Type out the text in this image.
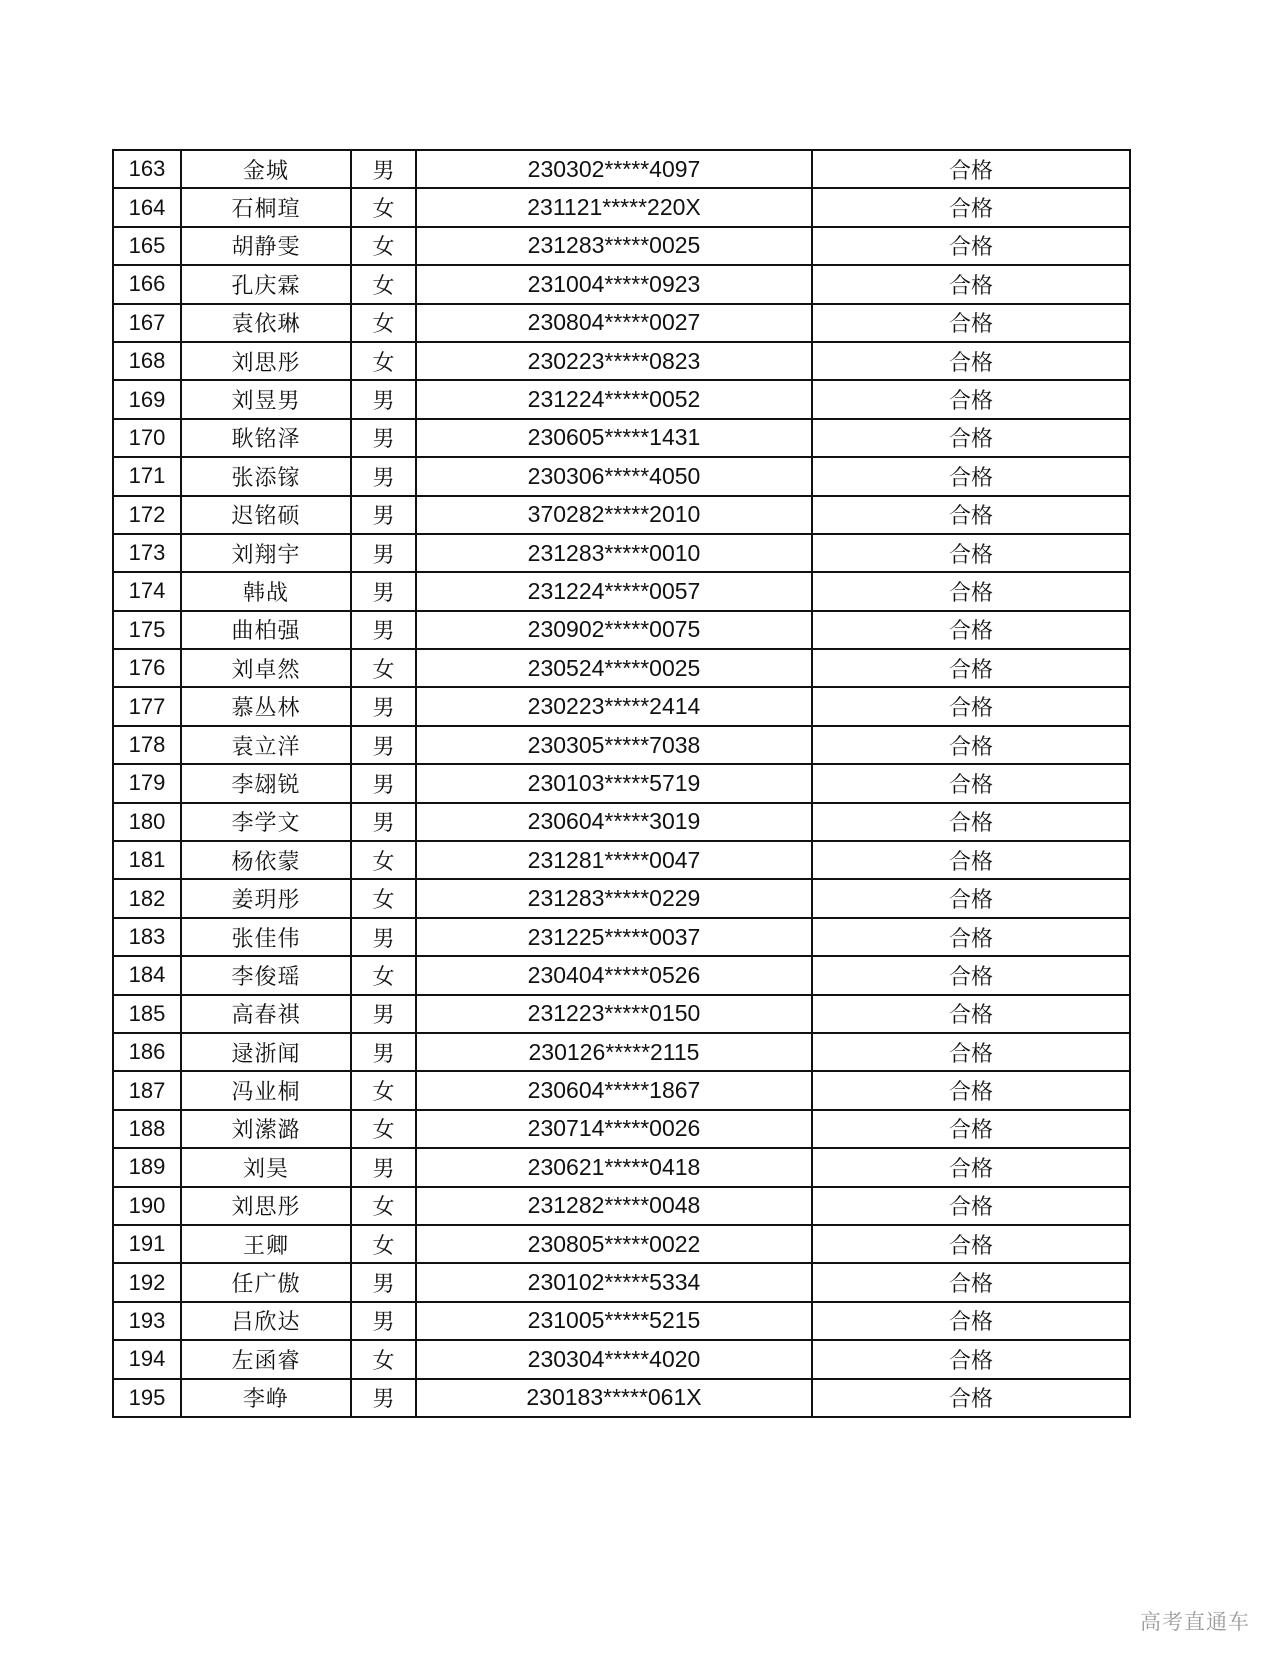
163	金城	男	230302*****4097	合格
164	石桐瑄	女	231121*****220X	合格
165	胡静雯	女	231283*****0025	合格
166	孔庆霖	女	231004*****0923	合格
167	袁依琳	女	230804*****0027	合格
168	刘思彤	女	230223*****0823	合格
169	刘昱男	男	231224*****0052	合格
170	耿铭泽	男	230605*****1431	合格
171	张添镓	男	230306*****4050	合格
172	迟铭硕	男	370282*****2010	合格
173	刘翔宇	男	231283*****0010	合格
174	韩战	男	231224*****0057	合格
175	曲柏强	男	230902*****0075	合格
176	刘卓然	女	230524*****0025	合格
177	慕丛林	男	230223*****2414	合格
178	袁立洋	男	230305*****7038	合格
179	李翃锐	男	230103*****5719	合格
180	李学文	男	230604*****3019	合格
181	杨依蒙	女	231281*****0047	合格
182	姜玥彤	女	231283*****0229	合格
183	张佳伟	男	231225*****0037	合格
184	李俊瑶	女	230404*****0526	合格
185	高春祺	男	231223*****0150	合格
186	逯浙闻	男	230126*****2115	合格
187	冯业桐	女	230604*****1867	合格
188	刘潆潞	女	230714*****0026	合格
189	刘昊	男	230621*****0418	合格
190	刘思彤	女	231282*****0048	合格
191	王卿	女	230805*****0022	合格
192	任广傲	男	230102*****5334	合格
193	吕欣达	男	231005*****5215	合格
194	左函睿	女	230304*****4020	合格
195	李峥	男	230183*****061X	合格
高考直通车
